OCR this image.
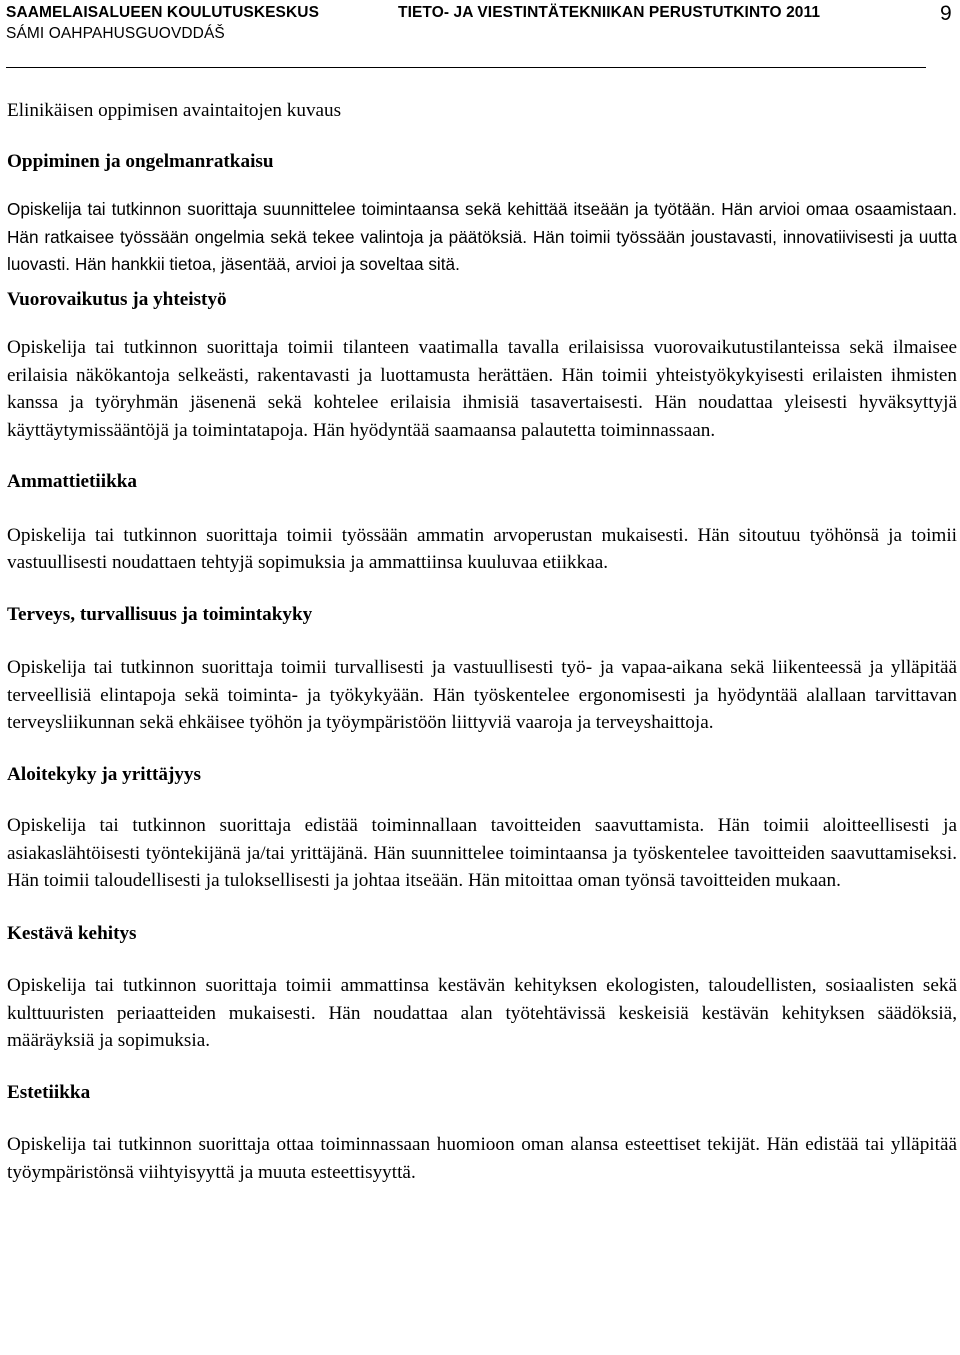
SAAMELAISALUEEN KOULUTUSKESKUS
SÁMI OAHPAHUSGUOVDDÁŠ
TIETO- JA VIESTINTÄTEKNIIKAN PERUSTUTKINTO 2011	9
Elinikäisen oppimisen avaintaitojen kuvaus
Oppiminen ja ongelmanratkaisu

Opiskelija tai tutkinnon suorittaja suunnittelee toimintaansa sekä kehittää itseään ja työtään. Hän arvioi omaa osaamistaan. Hän ratkaisee työssään ongelmia sekä tekee valintoja ja päätöksiä. Hän toimii työssään joustavasti, innovatiivisesti ja uutta luovasti. Hän hankkii tietoa, jäsentää, arvioi ja soveltaa sitä.

Vuorovaikutus ja yhteistyö

Opiskelija tai tutkinnon suorittaja toimii tilanteen vaatimalla tavalla erilaisissa vuorovaikutustilanteissa sekä ilmaisee erilaisia näkökantoja selkeästi, rakentavasti ja luottamusta herättäen. Hän toimii yhteistyökykyisesti erilaisten ihmisten kanssa ja työryhmän jäsenenä sekä kohtelee erilaisia ihmisiä tasavertaisesti. Hän noudattaa yleisesti hyväksyttyjä käyttäytymissääntöjä ja toimintatapoja. Hän hyödyntää saamaansa palautetta toiminnassaan.

Ammattietiikka

Opiskelija tai tutkinnon suorittaja toimii työssään ammatin arvoperustan mukaisesti. Hän sitoutuu työhönsä ja toimii vastuullisesti noudattaen tehtyjä sopimuksia ja ammattiinsa kuuluvaa etiikkaa.

Terveys, turvallisuus ja toimintakyky

Opiskelija tai tutkinnon suorittaja toimii turvallisesti ja vastuullisesti työ- ja vapaa-aikana sekä liikenteessä ja ylläpitää terveellisiä elintapoja sekä toiminta- ja työkykyään. Hän työskentelee ergonomisesti ja hyödyntää alallaan tarvittavan terveysliikunnan sekä ehkäisee työhön ja työympäristöön liittyviä vaaroja ja terveyshaittoja.

Aloitekyky ja yrittäjyys

Opiskelija tai tutkinnon suorittaja edistää toiminnallaan tavoitteiden saavuttamista. Hän toimii aloitteellisesti ja asiakaslähtöisesti työntekijänä ja/tai yrittäjänä. Hän suunnittelee toimintaansa ja työskentelee tavoitteiden saavuttamiseksi. Hän toimii taloudellisesti ja tuloksellisesti ja johtaa itseään. Hän mitoittaa oman työnsä tavoitteiden mukaan.

Kestävä kehitys

Opiskelija tai tutkinnon suorittaja toimii ammattinsa kestävän kehityksen ekologisten, taloudellisten, sosiaalisten sekä kulttuuristen periaatteiden mukaisesti. Hän noudattaa alan työtehtävissä keskeisiä kestävän kehityksen säädöksiä, määräyksiä ja sopimuksia.

Estetiikka

Opiskelija tai tutkinnon suorittaja ottaa toiminnassaan huomioon oman alansa esteettiset tekijät. Hän edistää tai ylläpitää työympäristönsä viihtyisyyttä ja muuta esteettisyyttä.
